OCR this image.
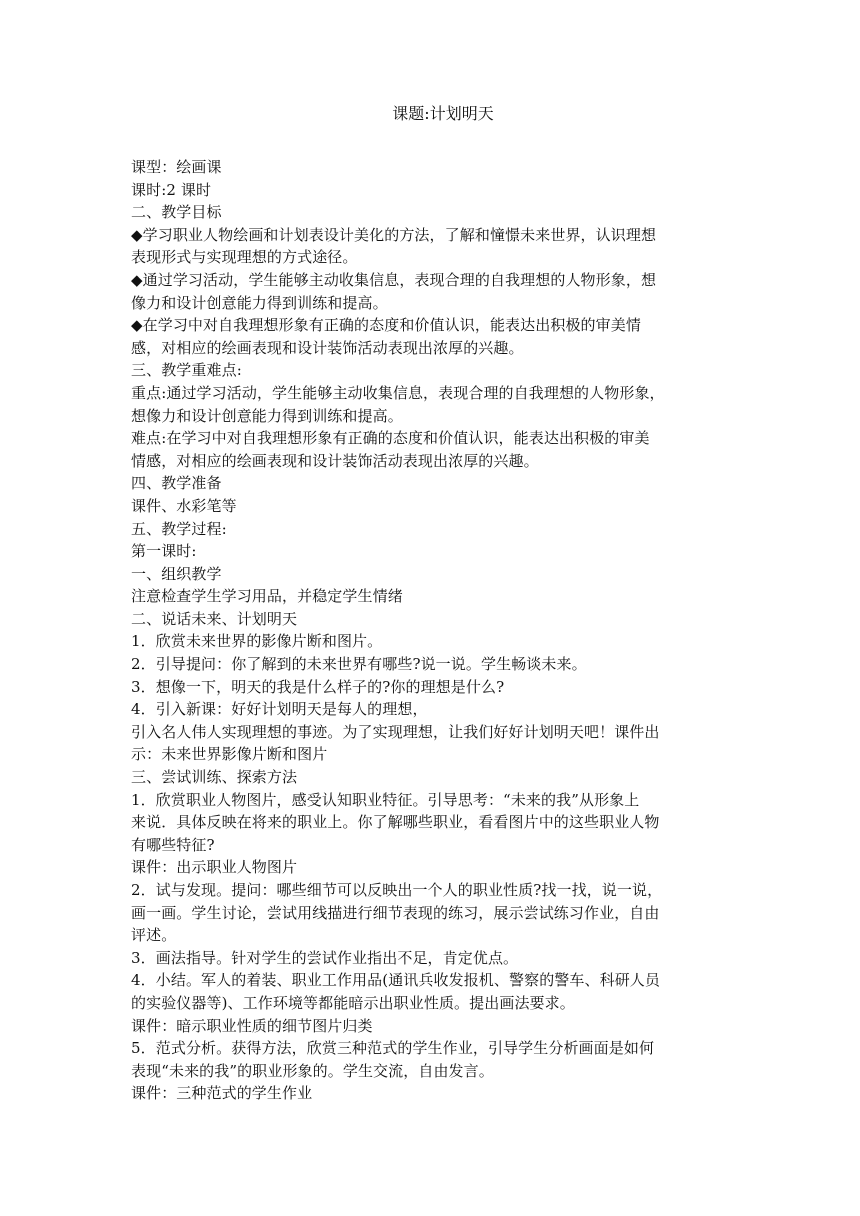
课题:计划明天

课型：绘画课

课时:2 课时

二、教学目标

◆学习职业人物绘画和计划表设计美化的方法，了解和憧憬未来世界，认识理想

表现形式与实现理想的方式途径。

◆通过学习活动，学生能够主动收集信息，表现合理的自我理想的人物形象，想

像力和设计创意能力得到训练和提高。

◆在学习中对自我理想形象有正确的态度和价值认识，能表达出积极的审美情

感，对相应的绘画表现和设计装饰活动表现出浓厚的兴趣。

三、教学重难点:

重点:通过学习活动，学生能够主动收集信息，表现合理的自我理想的人物形象，

想像力和设计创意能力得到训练和提高。

难点:在学习中对自我理想形象有正确的态度和价值认识，能表达出积极的审美

情感，对相应的绘画表现和设计装饰活动表现出浓厚的兴趣。

四、教学准备

课件、水彩笔等

五、教学过程:

第一课时:

一、组织教学

注意检查学生学习用品，并稳定学生情绪

二、说话未来、计划明天

1．欣赏未来世界的影像片断和图片。

2．引导提问：你了解到的未来世界有哪些?说一说。学生畅谈未来。

3．想像一下，明天的我是什么样子的?你的理想是什么?

4．引入新课：好好计划明天是每人的理想，

引入名人伟人实现理想的事迹。为了实现理想，让我们好好计划明天吧！课件出

示：未来世界影像片断和图片

三、尝试训练、探索方法

1．欣赏职业人物图片，感受认知职业特征。引导思考：“未来的我”从形象上

来说．具体反映在将来的职业上。你了解哪些职业，看看图片中的这些职业人物

有哪些特征?

课件：出示职业人物图片

2．试与发现。提问：哪些细节可以反映出一个人的职业性质?找一找，说一说，

画一画。学生讨论，尝试用线描进行细节表现的练习，展示尝试练习作业，自由

评述。

3．画法指导。针对学生的尝试作业指出不足，肯定优点。

4．小结。军人的着装、职业工作用品(通讯兵收发报机、警察的警车、科研人员

的实验仪器等)、工作环境等都能暗示出职业性质。提出画法要求。

课件：暗示职业性质的细节图片归类

5．范式分析。获得方法，欣赏三种范式的学生作业，引导学生分析画面是如何

表现“未来的我”的职业形象的。学生交流，自由发言。

课件：三种范式的学生作业
